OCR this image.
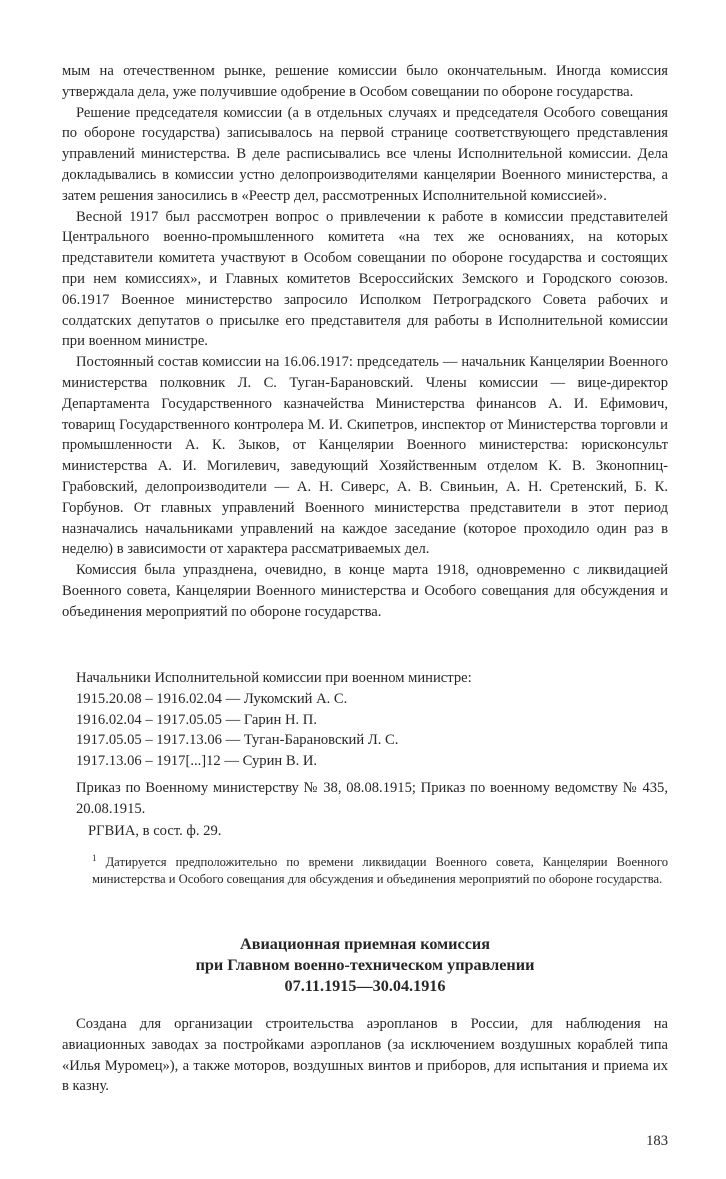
мым на отечественном рынке, решение комиссии было окончательным. Иногда комиссия утверждала дела, уже получившие одобрение в Особом совещании по обороне государства.

Решение председателя комиссии (а в отдельных случаях и председателя Особого совещания по обороне государства) записывалось на первой странице соответствующего представления управлений министерства. В деле расписывались все члены Исполнительной комиссии. Дела докладывались в комиссии устно делопроизводителями канцелярии Военного министерства, а затем решения заносились в «Реестр дел, рассмотренных Исполнительной комиссией».

Весной 1917 был рассмотрен вопрос о привлечении к работе в комиссии представителей Центрального военно-промышленного комитета «на тех же основаниях, на которых представители комитета участвуют в Особом совещании по обороне государства и состоящих при нем комиссиях», и Главных комитетов Всероссийских Земского и Городского союзов. 06.1917 Военное министерство запросило Исполком Петроградского Совета рабочих и солдатских депутатов о присылке его представителя для работы в Исполнительной комиссии при военном министре.

Постоянный состав комиссии на 16.06.1917: председатель — начальник Канцелярии Военного министерства полковник Л. С. Туган-Барановский. Члены комиссии — вице-директор Департамента Государственного казначейства Министерства финансов А. И. Ефимович, товарищ Государственного контролера М. И. Скипетров, инспектор от Министерства торговли и промышленности А. К. Зыков, от Канцелярии Военного министерства: юрисконсульт министерства А. И. Могилевич, заведующий Хозяйственным отделом К. В. Зконопниц-Грабовский, делопроизводители — А. Н. Сиверс, А. В. Свиньин, А. Н. Сретенский, Б. К. Горбунов. От главных управлений Военного министерства представители в этот период назначались начальниками управлений на каждое заседание (которое проходило один раз в неделю) в зависимости от характера рассматриваемых дел.

Комиссия была упразднена, очевидно, в конце марта 1918, одновременно с ликвидацией Военного совета, Канцелярии Военного министерства и Особого совещания для обсуждения и объединения мероприятий по обороне государства.

Начальники Исполнительной комиссии при военном министре:

1915.20.08 – 1916.02.04 — Лукомский А. С.

1916.02.04 – 1917.05.05 — Гарин Н. П.

1917.05.05 – 1917.13.06 — Туган-Барановский Л. С.

1917.13.06 – 1917[...]12 — Сурин В. И.

Приказ по Военному министерству № 38, 08.08.1915; Приказ по военному ведомству № 435, 20.08.1915.

РГВИА, в сост. ф. 29.
$^1$ Датируется предположительно по времени ликвидации Военного совета, Канцелярии Военного министерства и Особого совещания для обсуждения и объединения мероприятий по обороне государства.
Авиационная приемная комиссия
при Главном военно-техническом управлении
07.11.1915—30.04.1916
Создана для организации строительства аэропланов в России, для наблюдения на авиационных заводах за постройками аэропланов (за исключением воздушных кораблей типа «Илья Муромец»), а также моторов, воздушных винтов и приборов, для испытания и приема их в казну.
183
